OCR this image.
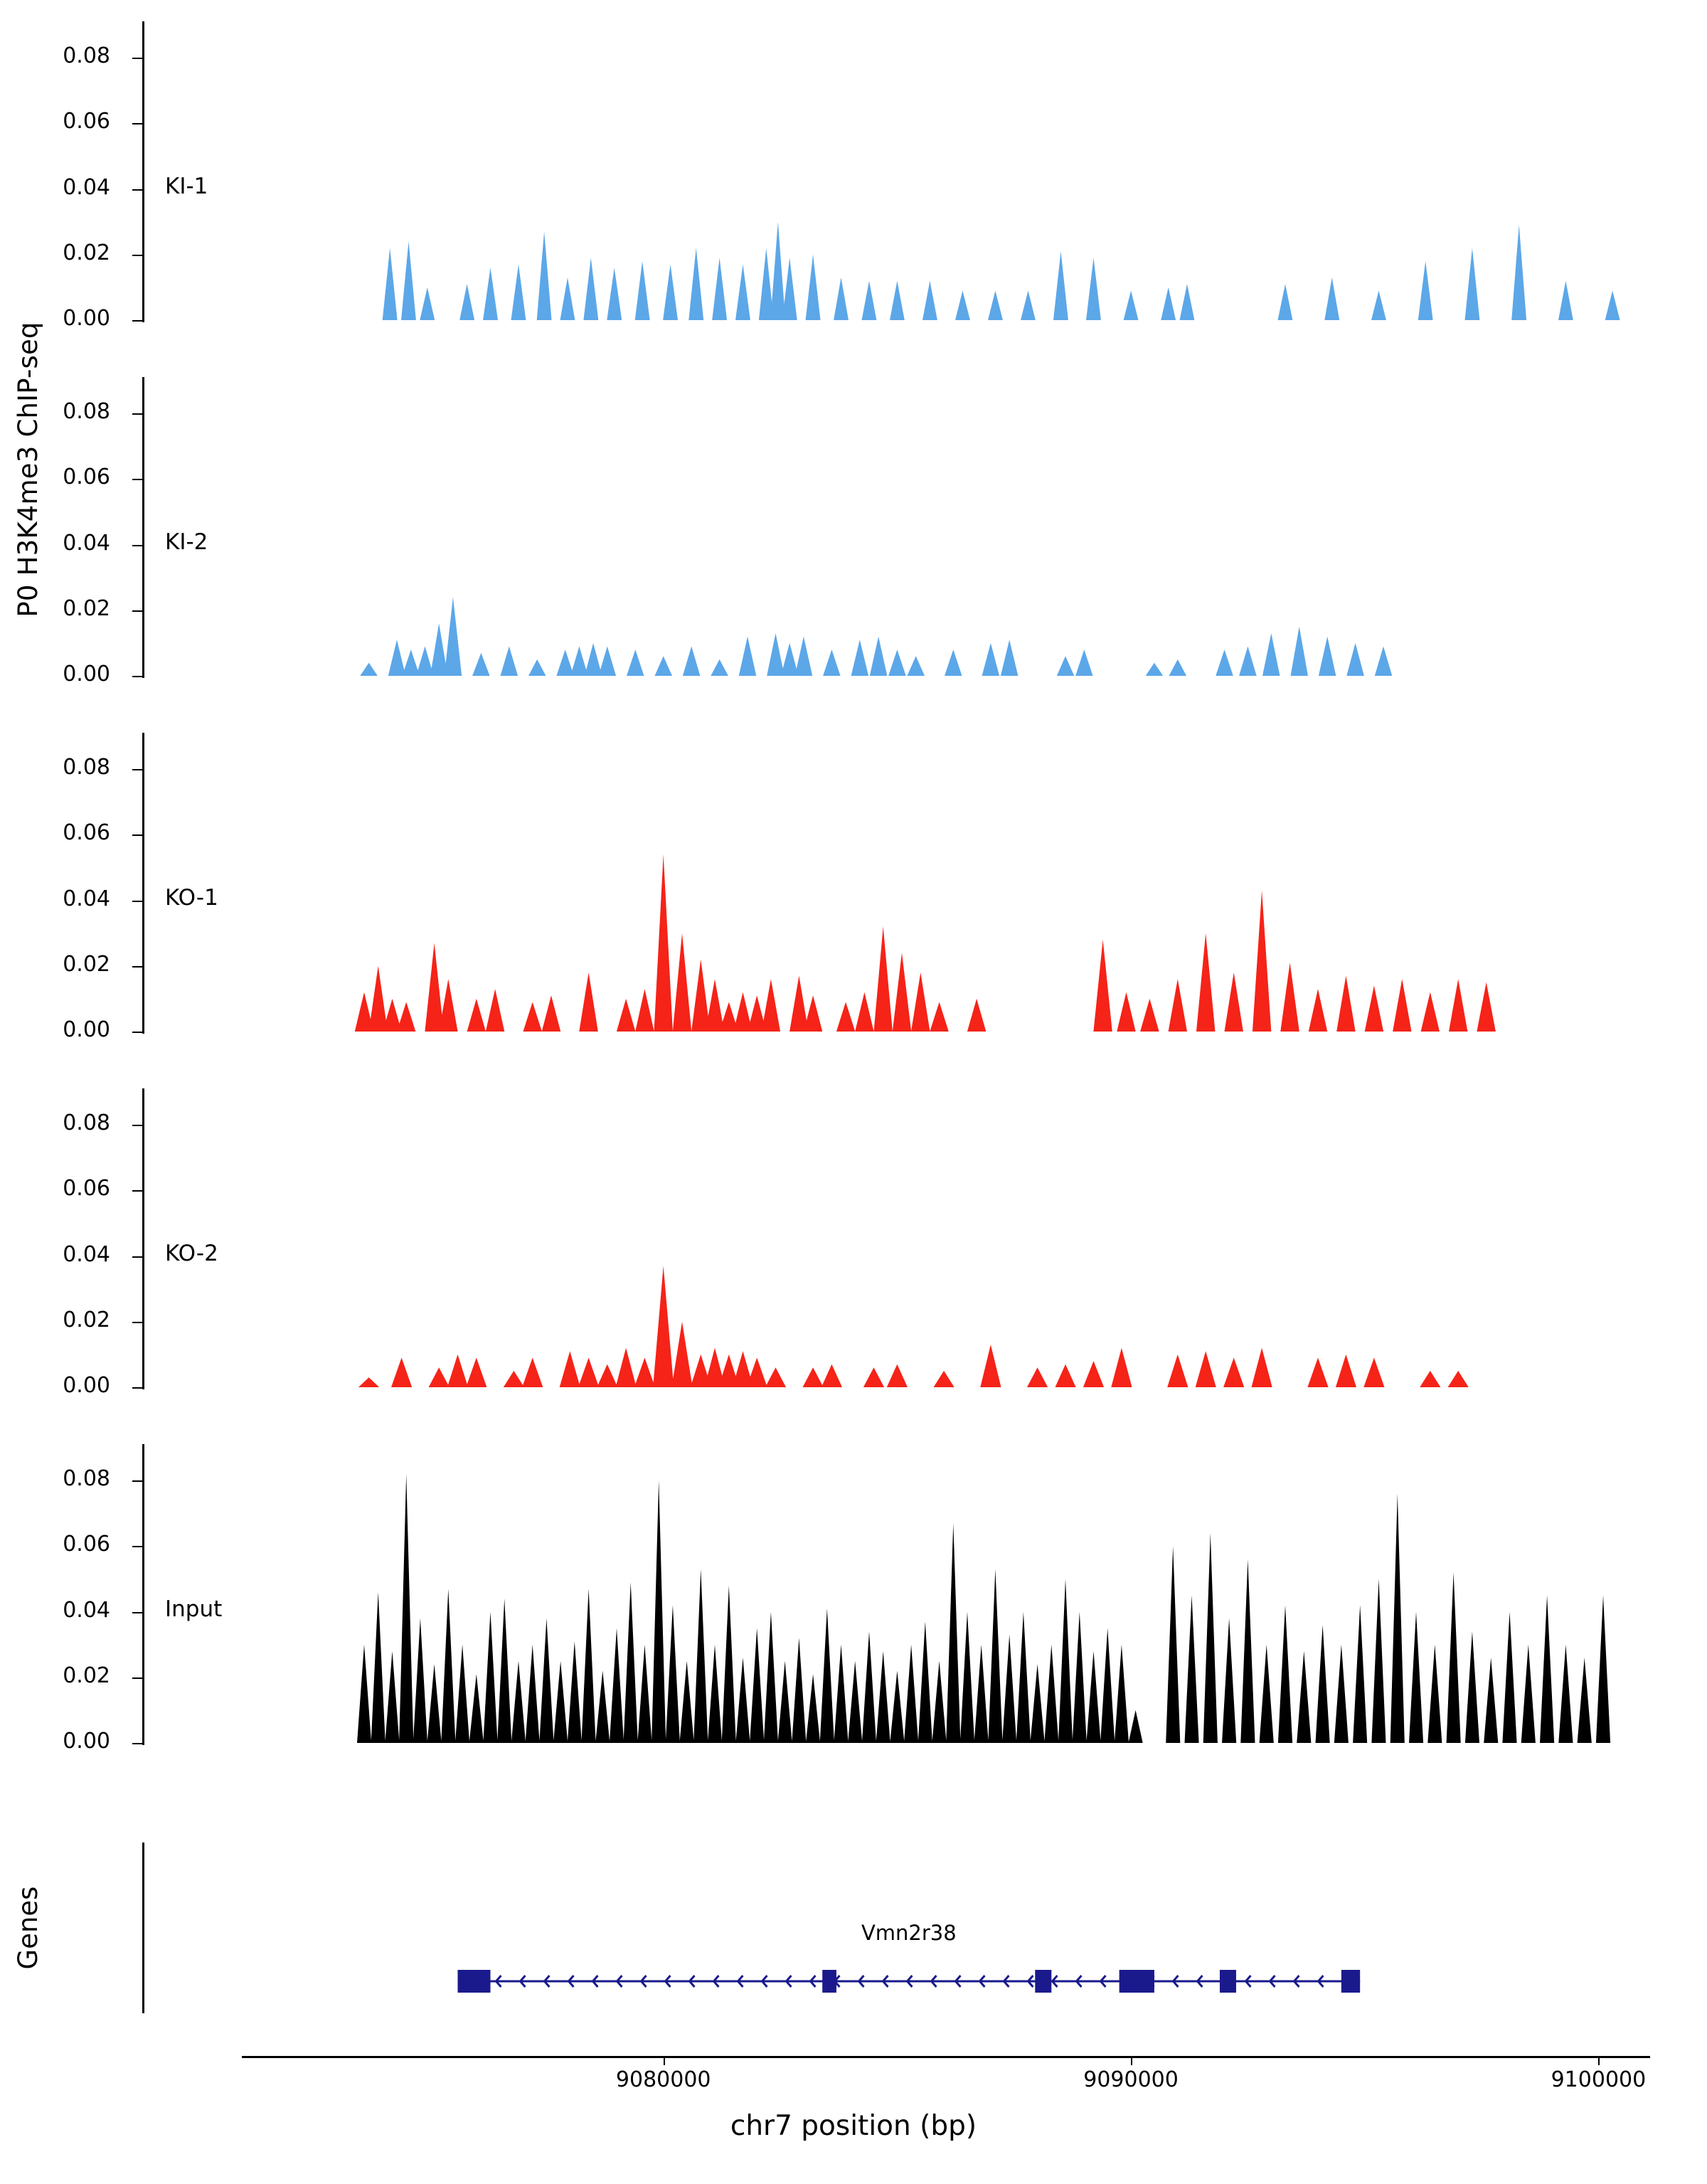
P0 H3K4me3 ChIP-seq
Genes
0.00
0.02
0.04
0.06
0.08
KI-1
0.00
0.02
0.04
0.06
0.08
KI-2
0.00
0.02
0.04
0.06
0.08
KO-1
0.00
0.02
0.04
0.06
0.08
KO-2
0.00
0.02
0.04
0.06
0.08
Input
Vmn2r38
9080000	9090000	9100000
chr7 position (bp)
